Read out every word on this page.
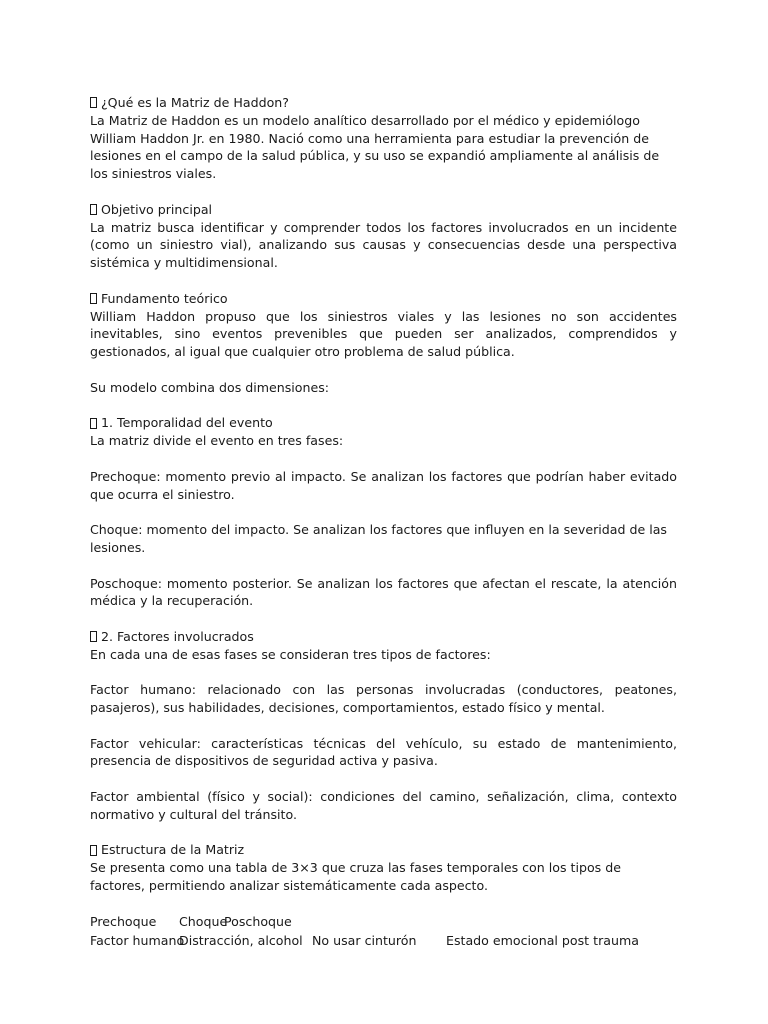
¿Qué es la Matriz de Haddon?

La Matriz de Haddon es un modelo analítico desarrollado por el médico y epidemiólogo William Haddon Jr. en 1980. Nació como una herramienta para estudiar la prevención de lesiones en el campo de la salud pública, y su uso se expandió ampliamente al análisis de los siniestros viales.

Objetivo principal

La matriz busca identificar y comprender todos los factores involucrados en un incidente (como un siniestro vial), analizando sus causas y consecuencias desde una perspectiva sistémica y multidimensional.

Fundamento teórico

William Haddon propuso que los siniestros viales y las lesiones no son accidentes inevitables, sino eventos prevenibles que pueden ser analizados, comprendidos y gestionados, al igual que cualquier otro problema de salud pública.

Su modelo combina dos dimensiones:

1. Temporalidad del evento

La matriz divide el evento en tres fases:

Prechoque: momento previo al impacto. Se analizan los factores que podrían haber evitado que ocurra el siniestro.

Choque: momento del impacto. Se analizan los factores que influyen en la severidad de las lesiones.

Poschoque: momento posterior. Se analizan los factores que afectan el rescate, la atención médica y la recuperación.

2. Factores involucrados

En cada una de esas fases se consideran tres tipos de factores:

Factor humano: relacionado con las personas involucradas (conductores, peatones, pasajeros), sus habilidades, decisiones, comportamientos, estado físico y mental.

Factor vehicular: características técnicas del vehículo, su estado de mantenimiento, presencia de dispositivos de seguridad activa y pasiva.

Factor ambiental (físico y social): condiciones del camino, señalización, clima, contexto normativo y cultural del tránsito.

Estructura de la Matriz

Se presenta como una tabla de 3×3 que cruza las fases temporales con los tipos de factores, permitiendo analizar sistemáticamente cada aspecto.

Prechoque Choque
Poschoque
Factor humano
Distracción, alcohol No usar cinturón Estado emocional post trauma
